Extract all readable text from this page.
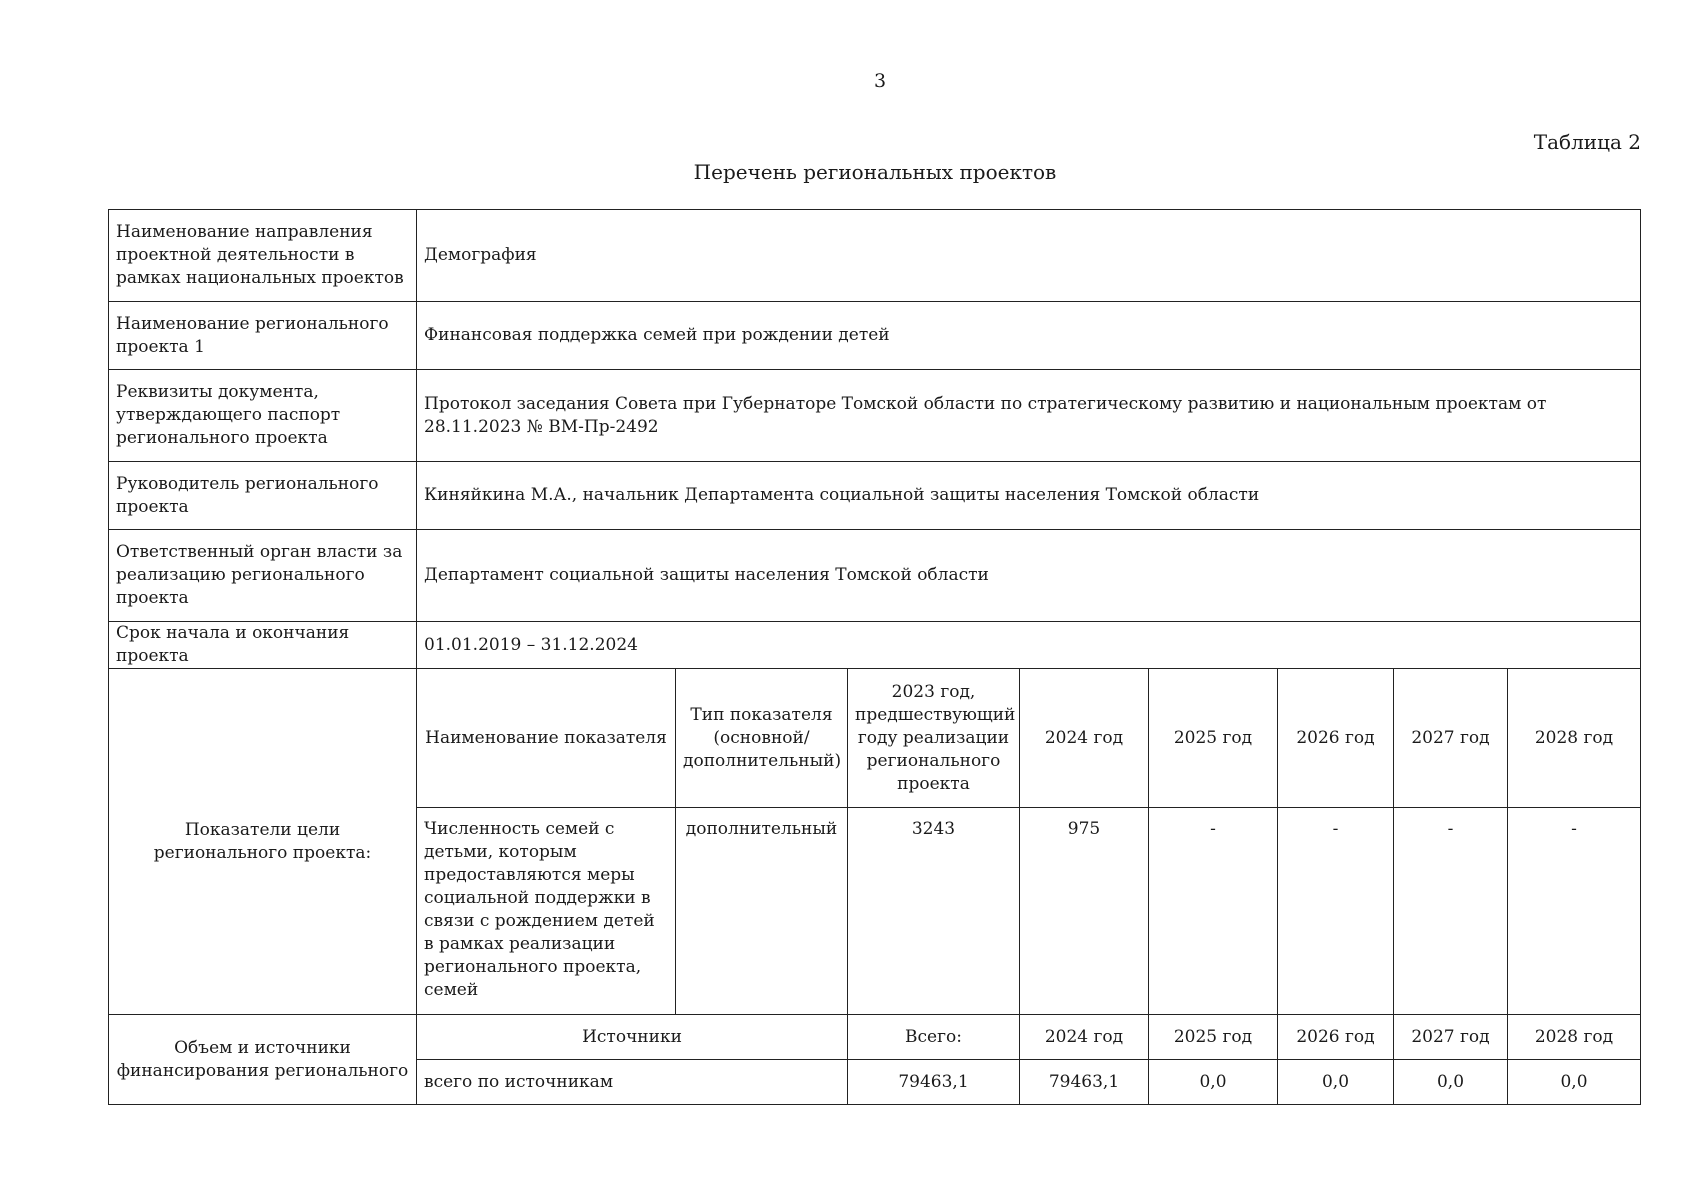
3
Таблица 2
Перечень региональных проектов
Наименование направления проектной деятельности в рамках национальных проектов	Демография							
Наименование регионального проекта 1	Финансовая поддержка семей при рождении детей							
Реквизиты документа, утверждающего паспорт регионального проекта	Протокол заседания Совета при Губернаторе Томской области по стратегическому развитию и национальным проектам от 28.11.2023 № ВМ-Пр-2492							
Руководитель регионального проекта	Киняйкина М.А., начальник Департамента социальной защиты населения Томской области							
Ответственный орган власти за реализацию регионального проекта	Департамент социальной защиты населения Томской области							
Срок начала и окончания проекта	01.01.2019 – 31.12.2024							
Показатели цели регионального проекта:	Наименование показателя	Тип показателя (основной/ дополнительный)	2023 год, предшествующий году реализации регионального проекта	2024 год	2025 год	2026 год	2027 год	2028 год
	Численность семей с детьми, которым предоставляются меры социальной поддержки в связи с рождением детей в рамках реализации регионального проекта, семей	дополнительный	3243	975	-	-	-	-
Объем и источники финансирования регионального	Источники		Всего:	2024 год	2025 год	2026 год	2027 год	2028 год
	всего по источникам		79463,1	79463,1	0,0	0,0	0,0	0,0
